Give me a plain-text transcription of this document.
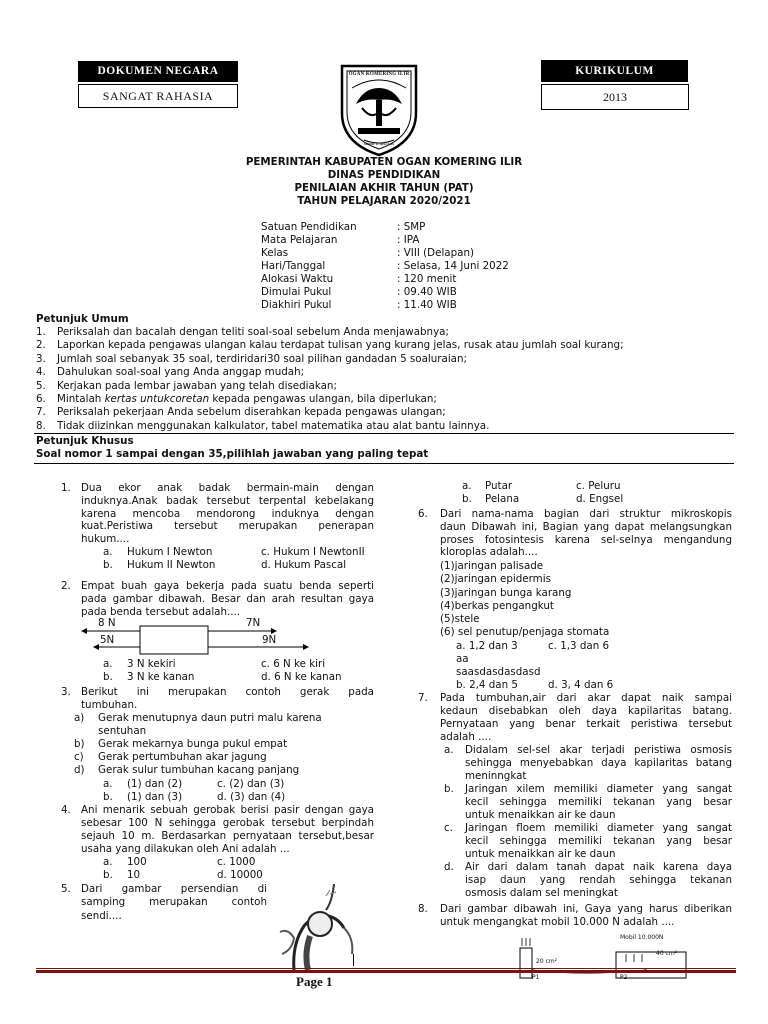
DOKUMEN NEGARA
SANGAT RAHASIA
KURIKULUM
2013
OGAN KOMERING ILIR
SENDI 11 DISCUSS
PEMERINTAH KABUPATEN OGAN KOMERING ILIR
DINAS PENDIDIKAN
PENILAIAN AKHIR TAHUN (PAT)
TAHUN PELAJARAN 2020/2021
Satuan Pendidikan	: SMP
Mata Pelajaran	: IPA
Kelas	: VIII (Delapan)
Hari/Tanggal	: Selasa, 14 Juni 2022
Alokasi Waktu	: 120 menit
Dimulai Pukul	: 09.40 WIB
Diakhiri Pukul	: 11.40 WIB
Petunjuk Umum
1. Periksalah dan bacalah dengan teliti soal-soal sebelum Anda menjawabnya;
2. Laporkan kepada pengawas ulangan kalau terdapat tulisan yang kurang jelas, rusak atau jumlah soal kurang;
3. Jumlah soal sebanyak 35 soal, terdiridari30 soal pilihan gandadan 5 soaluraian;
4. Dahulukan soal-soal yang Anda anggap mudah;
5. Kerjakan pada lembar jawaban yang telah disediakan;
6. Mintalah kertas untukcoretan kepada pengawas ulangan, bila diperlukan;
7. Periksalah pekerjaan Anda sebelum diserahkan kepada pengawas ulangan;
8. Tidak diizinkan menggunakan kalkulator, tabel matematika atau alat bantu lainnya.
Petunjuk Khusus
Soal nomor 1 sampai dengan 35,pilihlah jawaban yang paling tepat
1. Dua ekor anak badak bermain-main dengan
induknya.Anak badak tersebut terpental kebelakang
karena mencoba mendorong induknya dengan
kuat.Peristiwa tersebut merupakan penerapan
hukum....
a. Hukum I Newton	c. Hukum I NewtonII
b. Hukum II Newton	d. Hukum Pascal
2. Empat buah gaya bekerja pada suatu benda seperti
pada gambar dibawah. Besar dan arah resultan gaya
pada benda tersebut adalah....
8 N	7N
5N	9N
a. 3 N kekiri	c. 6 N ke kiri
b. 3 N ke kanan	d. 6 N ke kanan
3. Berikut ini merupakan contoh gerak pada
tumbuhan.
a) Gerak menutupnya daun putri malu karena
sentuhan
b) Gerak mekarnya bunga pukul empat
c) Gerak pertumbuhan akar jagung
d) Gerak sulur tumbuhan kacang panjang
a. (1) dan (2)	c. (2) dan (3)
b. (1) dan (3)	d. (3) dan (4)
4. Ani menarik sebuah gerobak berisi pasir dengan gaya
sebesar 100 N sehingga gerobak tersebut berpindah
sejauh 10 m. Berdasarkan pernyataan tersebut,besar
usaha yang dilakukan oleh Ani adalah ...
a. 100	c. 1000
b. 10	d. 10000
5. Dari gambar persendian di
samping merupakan contoh
sendi....
a. Putar	c. Peluru
b. Pelana	d. Engsel
6. Dari nama-nama bagian dari struktur mikroskopis
daun Dibawah ini, Bagian yang dapat melangsungkan
proses fotosintesis karena sel-selnya mengandung
kloroplas adalah....
(1)jaringan palisade
(2)jaringan epidermis
(3)jaringan bunga karang
(4)berkas pengangkut
(5)stele
(6) sel penutup/penjaga stomata
a. 1,2 dan 3	c. 1,3 dan 6
aa
saasdasdasdasd
b. 2,4 dan 5	d. 3, 4 dan 6
7. Pada tumbuhan,air dari akar dapat naik sampai
kedaun disebabkan oleh daya kapilaritas batang.
Pernyataan yang benar terkait peristiwa tersebut
adalah ....
a. Didalam sel-sel akar terjadi peristiwa osmosis
sehingga menyebabkan daya kapilaritas batang
meninngkat
b. Jaringan xilem memiliki diameter yang sangat
kecil sehingga memiliki tekanan yang besar
untuk menaikkan air ke daun
c. Jaringan floem memiliki diameter yang sangat
kecil sehingga memiliki tekanan yang besar
untuk menaikkan air ke daun
d. Air dari dalam tanah dapat naik karena daya
isap daun yang rendah sehingga tekanan
osmosis dalam sel meningkat
8. Dari gambar dibawah ini, Gaya yang harus diberikan
untuk mengangkat mobil 10.000 N adalah ....
Mobil 10.000N
20 cm²
40 cm²
P1	P2
Page 1
